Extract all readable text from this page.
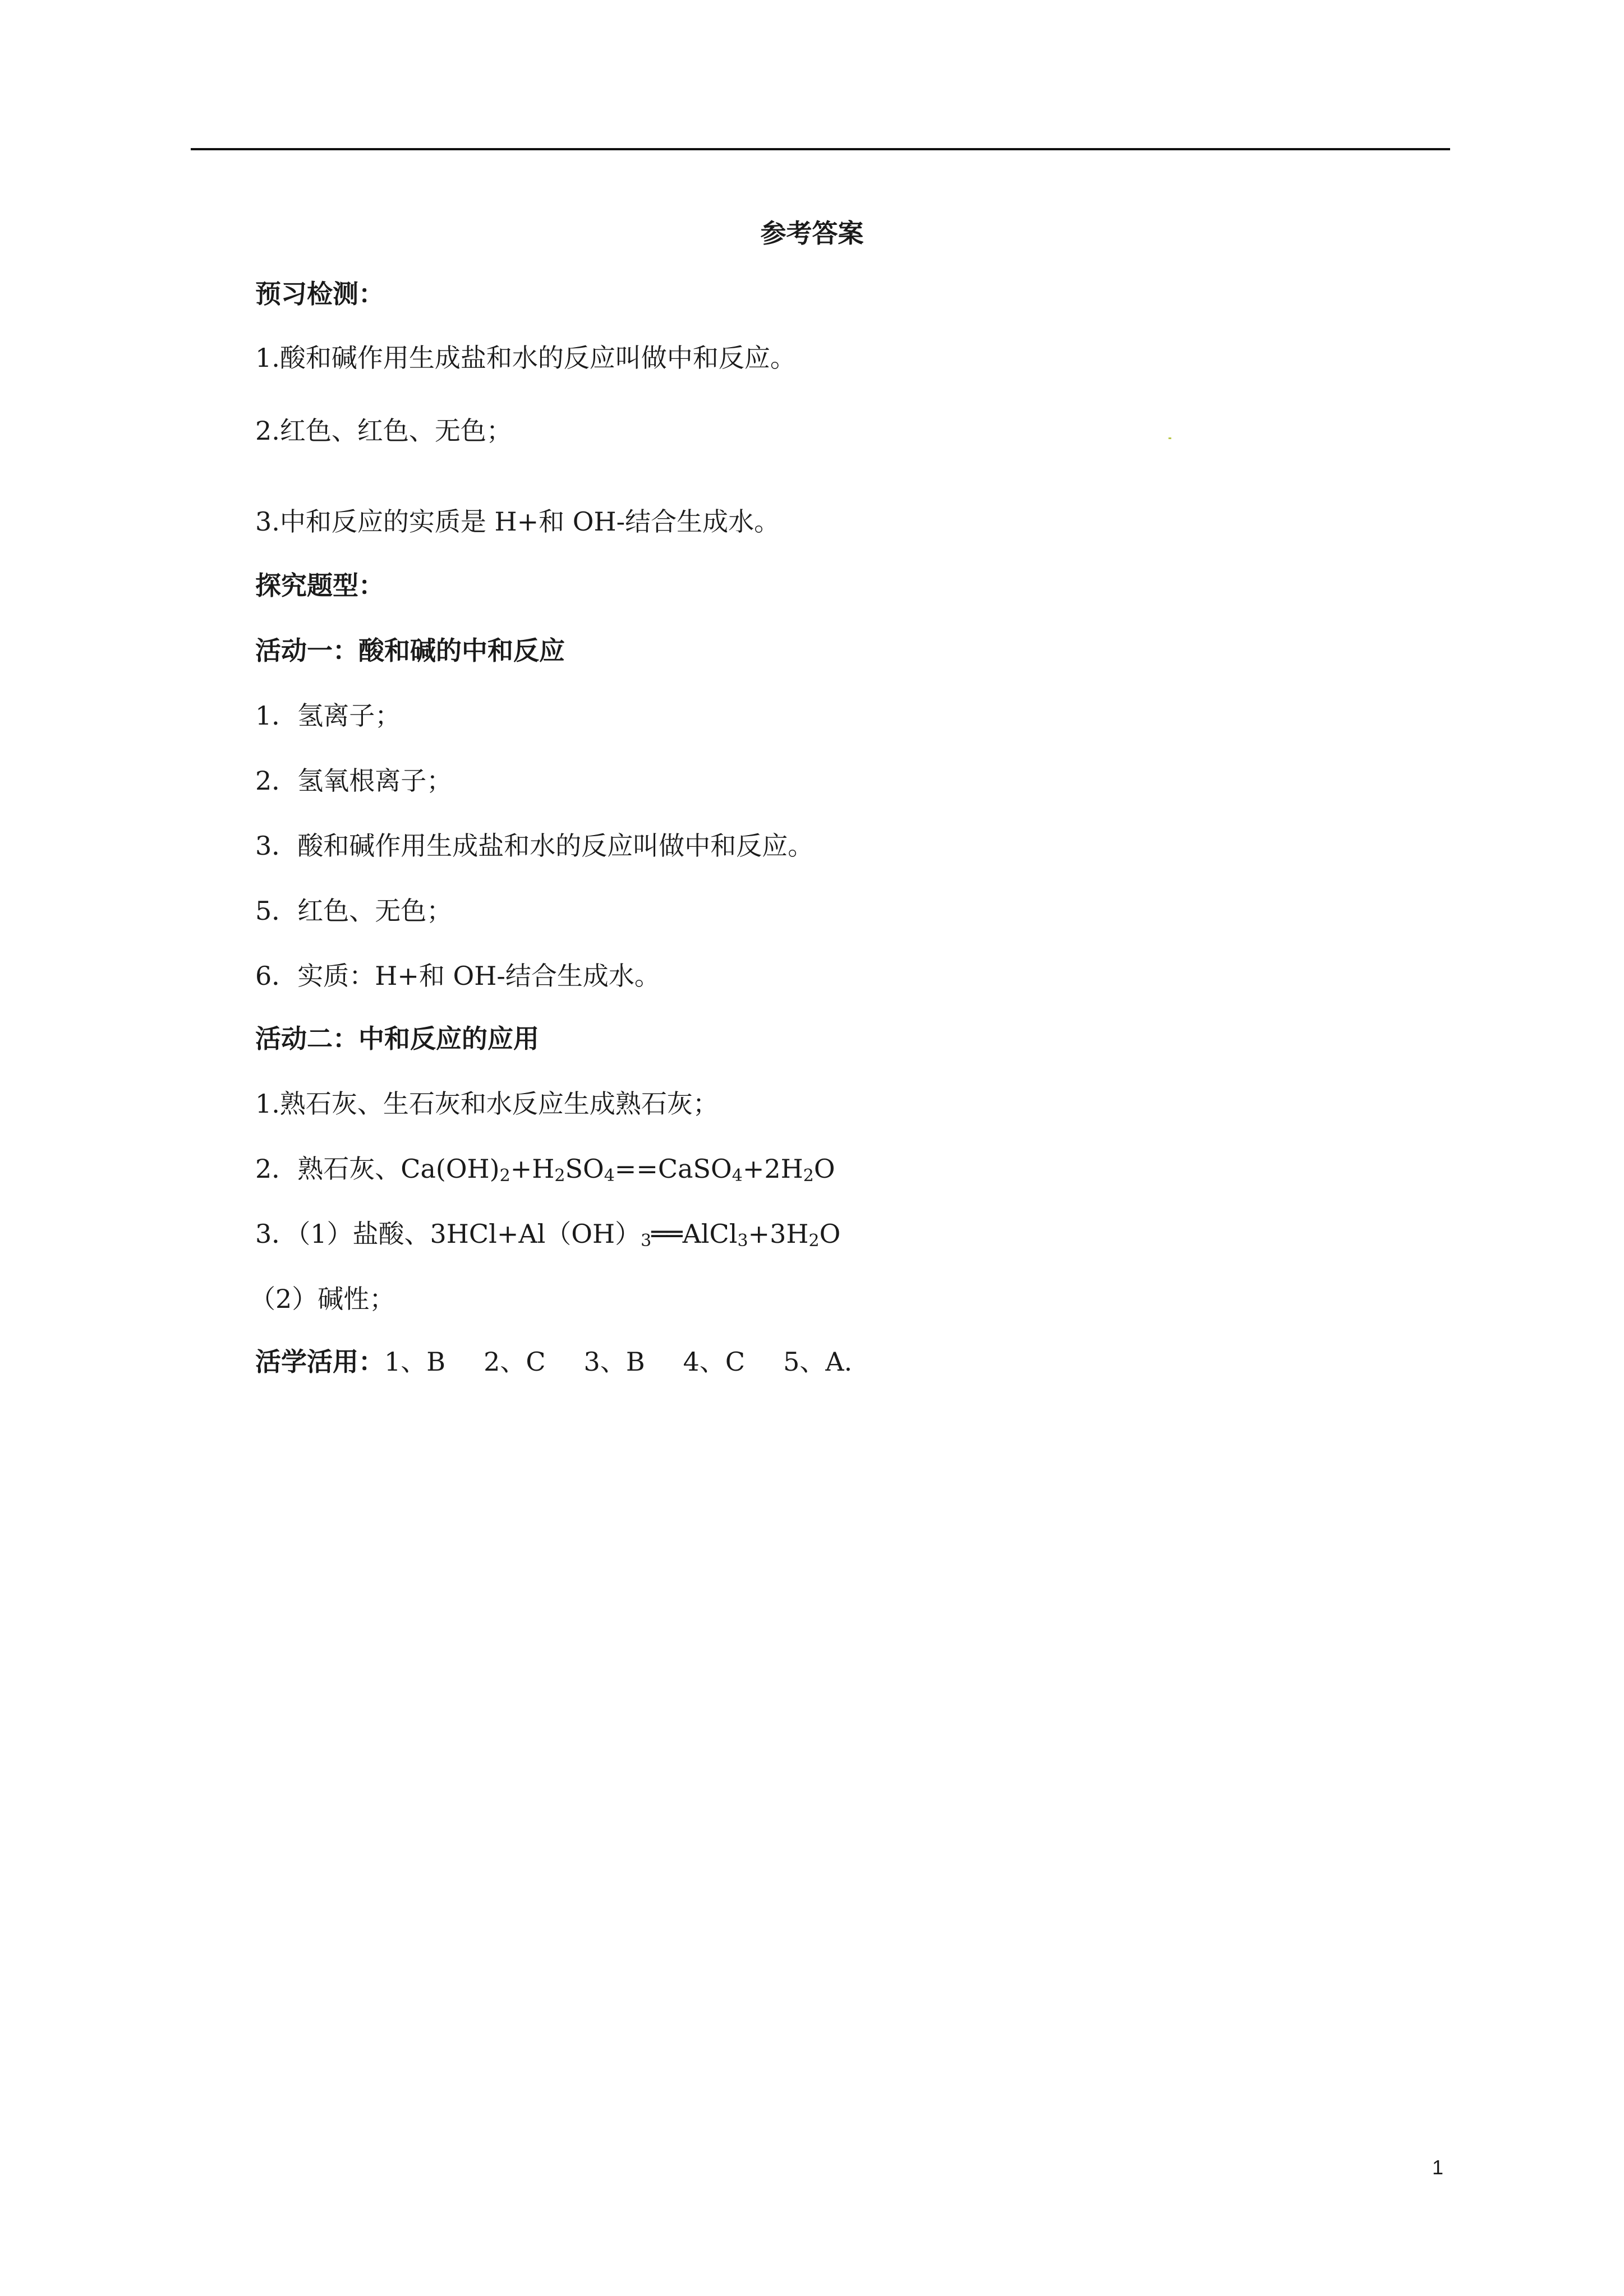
参考答案
预习检测：
1.酸和碱作用生成盐和水的反应叫做中和反应。
2.红色、红色、无色；
3.中和反应的实质是 H+和 OH-结合生成水。
探究题型：
活动一：酸和碱的中和反应
1．氢离子；
2．氢氧根离子；
3．酸和碱作用生成盐和水的反应叫做中和反应。
5．红色、无色；
6．实质：H+和 OH-结合生成水。
活动二：中和反应的应用
1.熟石灰、生石灰和水反应生成熟石灰；
2．熟石灰、$Ca(OH)_2+H_2SO_4==CaSO_4+2H_2O$
3．（1）盐酸、$3HCl+Al(OH)_3══AlCl_3+3H_2O$
（2）碱性；
活学活用：1、B 2、C 3、B 4、C 5、A.
1
